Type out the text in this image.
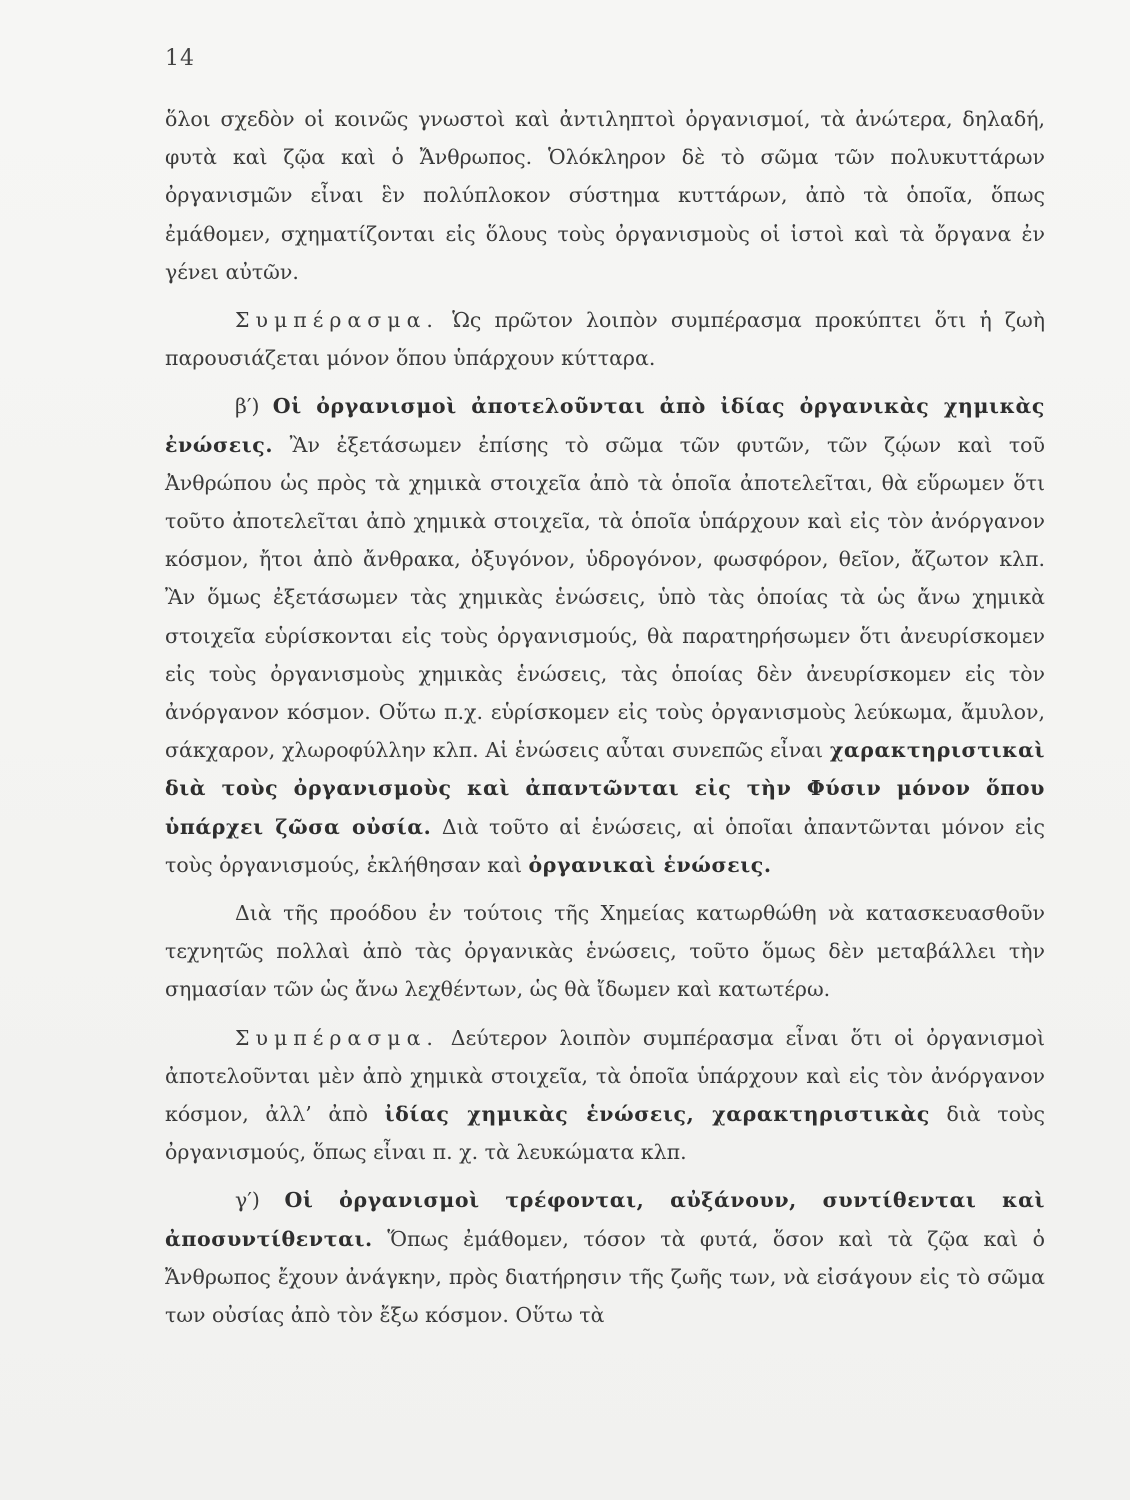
14

ὅλοι σχεδὸν οἱ κοινῶς γνωστοὶ καὶ ἀντιληπτοὶ ὀργανισμοί, τὰ ἀνώτερα, δηλαδή, φυτὰ καὶ ζῷα καὶ ὁ Ἄνθρωπος. Ὁλόκληρον δὲ τὸ σῶμα τῶν πολυκυττάρων ὀργανισμῶν εἶναι ἓν πολύπλοκον σύστημα κυττάρων, ἀπὸ τὰ ὁποῖα, ὅπως ἐμάθομεν, σχηματίζονται εἰς ὅλους τοὺς ὀργανισμοὺς οἱ ἱστοὶ καὶ τὰ ὄργανα ἐν γένει αὐτῶν.

Συμπέρασμα. Ὡς πρῶτον λοιπὸν συμπέρασμα προκύπτει ὅτι ἡ ζωὴ παρουσιάζεται μόνον ὅπου ὑπάρχουν κύτταρα.

β′) Οἱ ὀργανισμοὶ ἀποτελοῦνται ἀπὸ ἰδίας ὀργανικὰς χημικὰς ἐνώσεις. Ἂν ἐξετάσωμεν ἐπίσης τὸ σῶμα τῶν φυτῶν, τῶν ζῴων καὶ τοῦ Ἀνθρώπου ὡς πρὸς τὰ χημικὰ στοιχεῖα ἀπὸ τὰ ὁποῖα ἀποτελεῖται, θὰ εὕρωμεν ὅτι τοῦτο ἀποτελεῖται ἀπὸ χημικὰ στοιχεῖα, τὰ ὁποῖα ὑπάρχουν καὶ εἰς τὸν ἀνόργανον κόσμον, ἤτοι ἀπὸ ἄνθρακα, ὀξυγόνον, ὑδρογόνον, φωσφόρον, θεῖον, ἄζωτον κλπ. Ἂν ὅμως ἐξετάσωμεν τὰς χημικὰς ἑνώσεις, ὑπὸ τὰς ὁποίας τὰ ὡς ἄνω χημικὰ στοιχεῖα εὑρίσκονται εἰς τοὺς ὀργανισμούς, θὰ παρατηρήσωμεν ὅτι ἀνευρίσκομεν εἰς τοὺς ὀργανισμοὺς χημικὰς ἑνώσεις, τὰς ὁποίας δὲν ἀνευρίσκομεν εἰς τὸν ἀνόργανον κόσμον. Οὕτω π.χ. εὑρίσκομεν εἰς τοὺς ὀργανισμοὺς λεύκωμα, ἄμυλον, σάκχαρον, χλωροφύλλην κλπ. Αἱ ἑνώσεις αὗται συνεπῶς εἶναι χαρακτηριστικαὶ διὰ τοὺς ὀργανισμοὺς καὶ ἀπαντῶνται εἰς τὴν Φύσιν μόνον ὅπου ὑπάρχει ζῶσα οὐσία. Διὰ τοῦτο αἱ ἑνώσεις, αἱ ὁποῖαι ἀπαντῶνται μόνον εἰς τοὺς ὀργανισμούς, ἐκλήθησαν καὶ ὀργανικαὶ ἑνώσεις.

Διὰ τῆς προόδου ἐν τούτοις τῆς Χημείας κατωρθώθη νὰ κατασκευασθοῦν τεχνητῶς πολλαὶ ἀπὸ τὰς ὀργανικὰς ἑνώσεις, τοῦτο ὅμως δὲν μεταβάλλει τὴν σημασίαν τῶν ὡς ἄνω λεχθέντων, ὡς θὰ ἴδωμεν καὶ κατωτέρω.

Συμπέρασμα. Δεύτερον λοιπὸν συμπέρασμα εἶναι ὅτι οἱ ὀργανισμοὶ ἀποτελοῦνται μὲν ἀπὸ χημικὰ στοιχεῖα, τὰ ὁποῖα ὑπάρχουν καὶ εἰς τὸν ἀνόργανον κόσμον, ἀλλ’ ἀπὸ ἰδίας χημικὰς ἑνώσεις, χαρακτηριστικὰς διὰ τοὺς ὀργανισμούς, ὅπως εἶναι π. χ. τὰ λευκώματα κλπ.

γ′) Οἱ ὀργανισμοὶ τρέφονται, αὐξάνουν, συντίθενται καὶ ἀποσυντίθενται. Ὅπως ἐμάθομεν, τόσον τὰ φυτά, ὅσον καὶ τὰ ζῷα καὶ ὁ Ἄνθρωπος ἔχουν ἀνάγκην, πρὸς διατήρησιν τῆς ζωῆς των, νὰ εἰσάγουν εἰς τὸ σῶμα των οὐσίας ἀπὸ τὸν ἔξω κόσμον. Οὕτω τὰ
